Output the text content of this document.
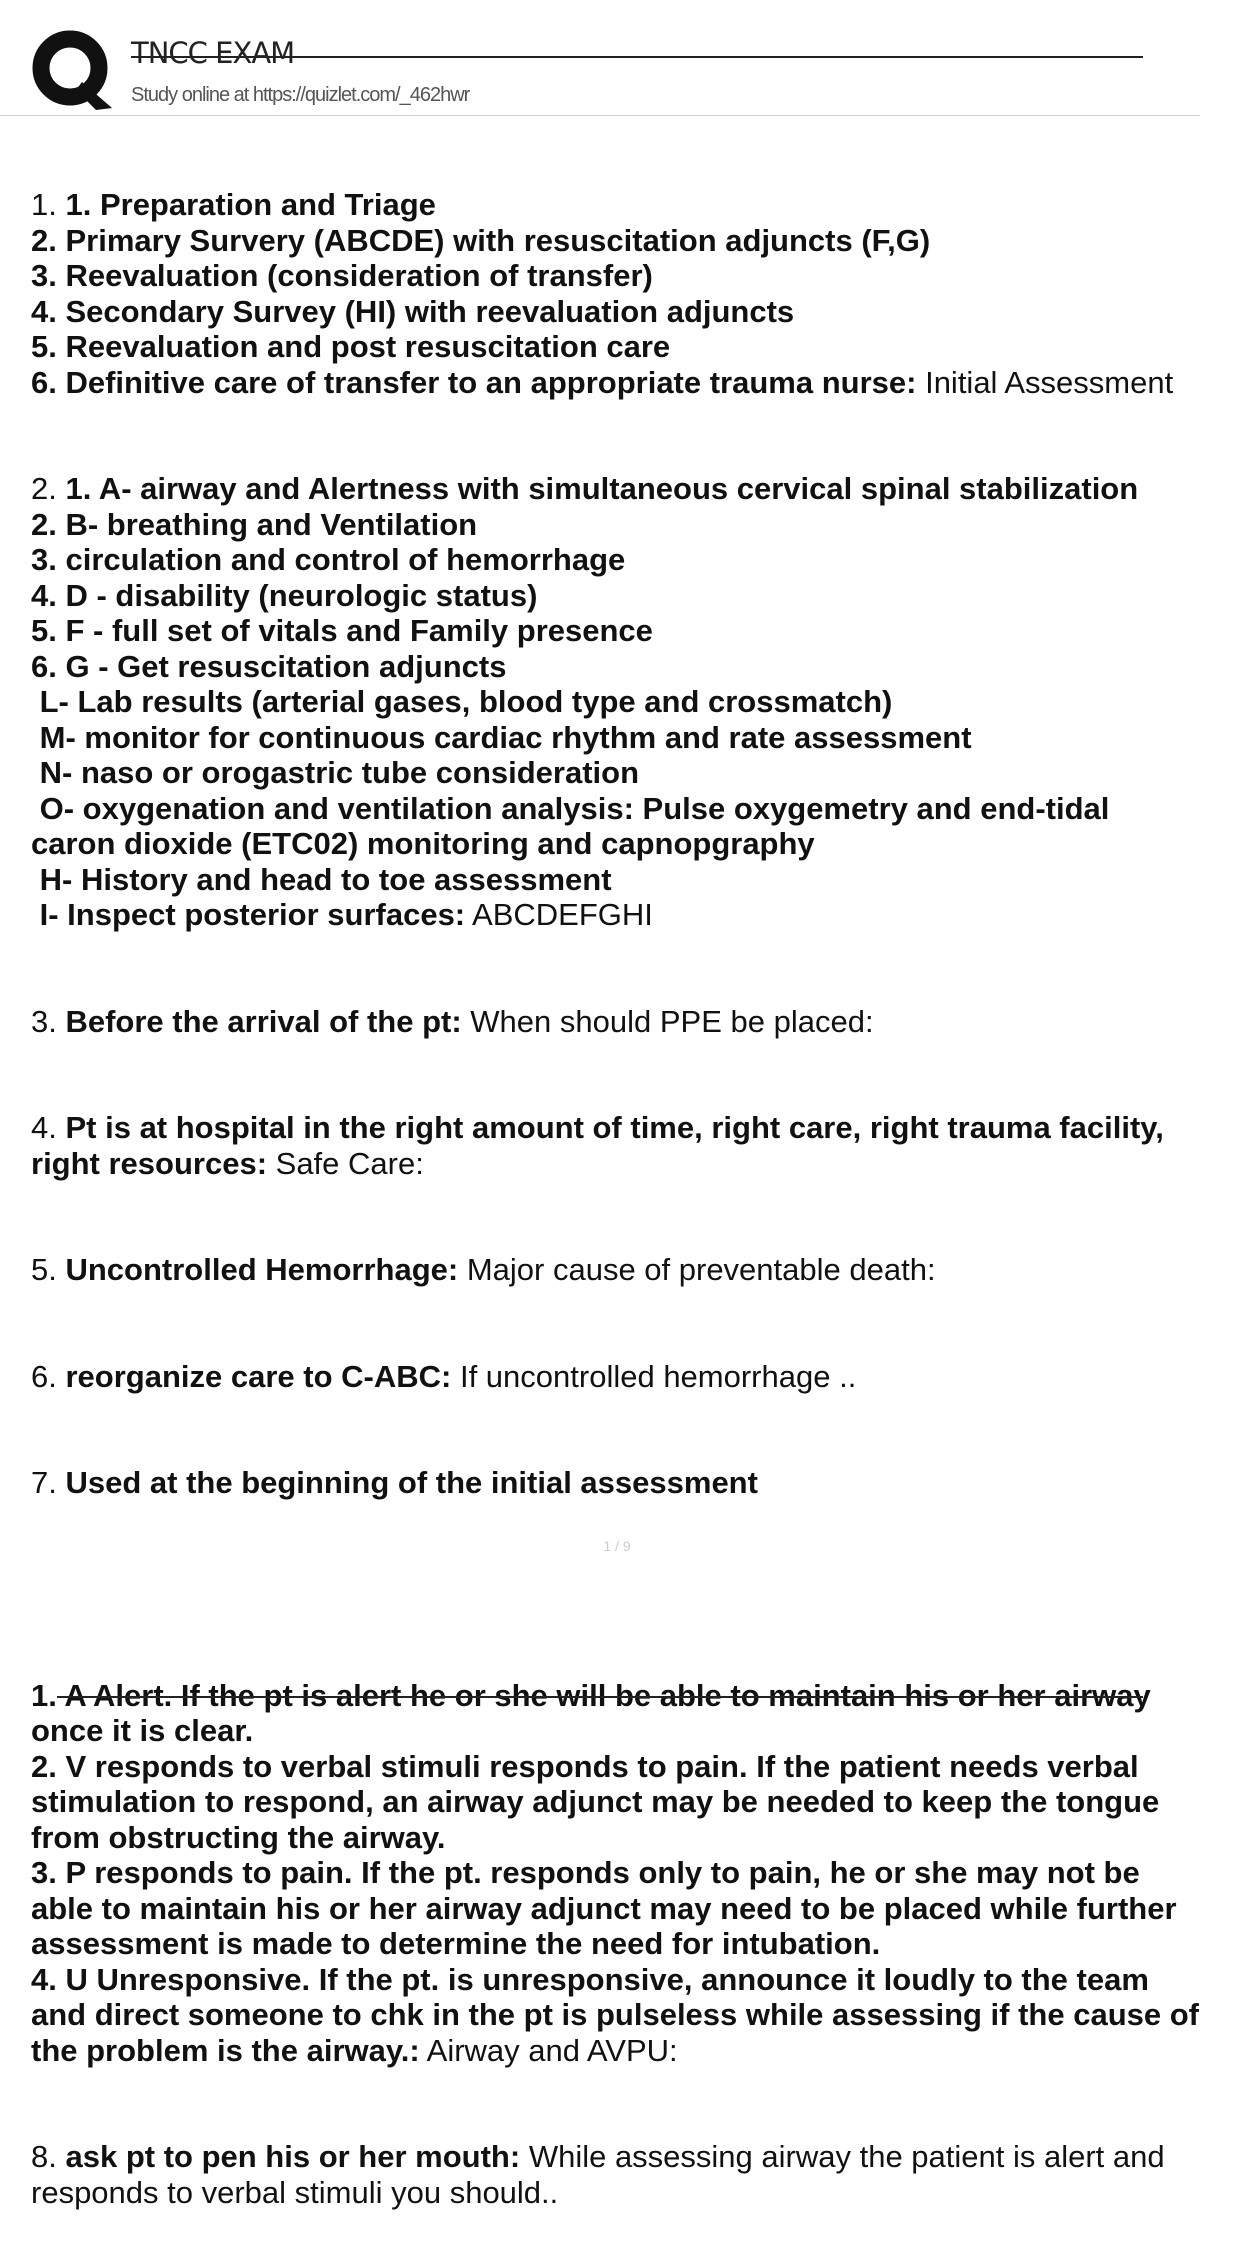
TNCC EXAM
Study online at https://quizlet.com/_462hwr

1. 1. Preparation and Triage
2. Primary Survery (ABCDE) with resuscitation adjuncts (F,G)
3. Reevaluation (consideration of transfer)
4. Secondary Survey (HI) with reevaluation adjuncts
5. Reevaluation and post resuscitation care
6. Definitive care of transfer to an appropriate trauma nurse: Initial Assessment

2. 1. A- airway and Alertness with simultaneous cervical spinal stabilization
2. B- breathing and Ventilation
3. circulation and control of hemorrhage
4. D - disability (neurologic status)
5. F - full set of vitals and Family presence
6. G - Get resuscitation adjuncts
L- Lab results (arterial gases, blood type and crossmatch)
M- monitor for continuous cardiac rhythm and rate assessment
N- naso or orogastric tube consideration
O- oxygenation and ventilation analysis: Pulse oxygemetry and end-tidal caron dioxide (ETC02) monitoring and capnopgraphy
H- History and head to toe assessment
I- Inspect posterior surfaces: ABCDEFGHI

3. Before the arrival of the pt: When should PPE be placed:

4. Pt is at hospital in the right amount of time, right care, right trauma facility, right resources: Safe Care:

5. Uncontrolled Hemorrhage: Major cause of preventable death:

6. reorganize care to C-ABC: If uncontrolled hemorrhage ..

7. Used at the beginning of the initial assessment

1. A Alert. If the pt is alert he or she will be able to maintain his or her airway once it is clear.
2. V responds to verbal stimuli responds to pain. If the patient needs verbal stimulation to respond, an airway adjunct may be needed to keep the tongue from obstructing the airway.
3. P responds to pain. If the pt. responds only to pain, he or she may not be able to maintain his or her airway adjunct may need to be placed while further assessment is made to determine the need for intubation.
4. U Unresponsive. If the pt. is unresponsive, announce it loudly to the team and direct someone to chk in the pt is pulseless while assessing if the cause of the problem is the airway.: Airway and AVPU:

8. ask pt to pen his or her mouth: While assessing airway the patient is alert and responds to verbal stimuli you should..

1 / 9
